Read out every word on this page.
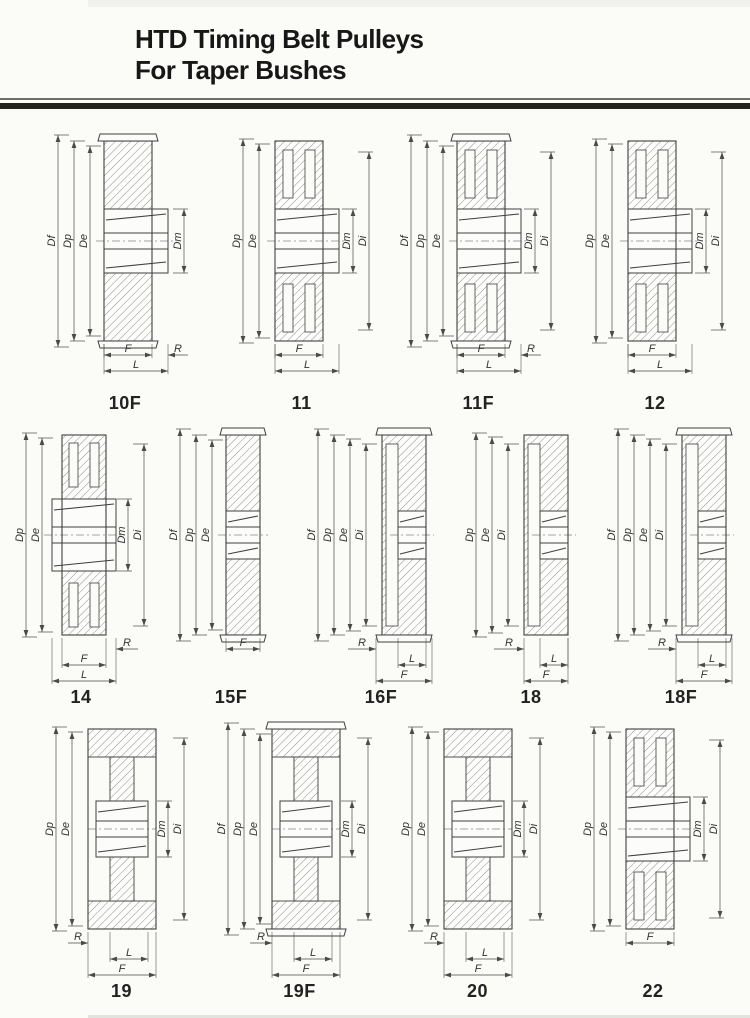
HTD Timing Belt Pulleys
For Taper Bushes
Df Dp De	Dm
F	R
L
10F
Dp De	Dm Di
F
L
11
Df Dp De	Dm Di
F	R
L
11F
Dp De	Dm Di
F
L
12
Dp De	Dm Di
R
F
L
14
Df Dp De
F
15F
Df Dp De Di
R
L
F
16F
Dp De Di
R
L
F
18
Df Dp De Di
R
L
F
18F
Dp De	Dm Di
R
L
F
19
Df Dp De	Dm Di
R
L
F
19F
Dp De	Dm Di
R
L
F
20
Dp De	Dm Di
F
22
